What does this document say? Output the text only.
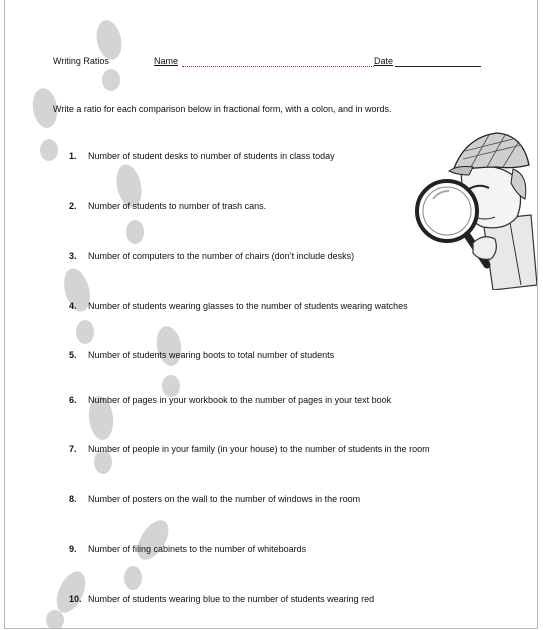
Writing Ratios	Name	Date
Write a ratio for each comparison below in fractional form, with a colon, and in words.
1. Number of student desks to number of students in class today
2. Number of students to number of trash cans.
3. Number of computers to the number of chairs (don’t include desks)
4. Number of students wearing glasses to the number of students wearing watches
5. Number of students wearing boots to total number of students
6. Number of pages in your workbook to the number of pages in your text book
7. Number of people in your family (in your house) to the number of students in the room
8. Number of posters on the wall to the number of windows in the room
9. Number of filing cabinets to the number of whiteboards
10. Number of students wearing blue to the number of students wearing red
